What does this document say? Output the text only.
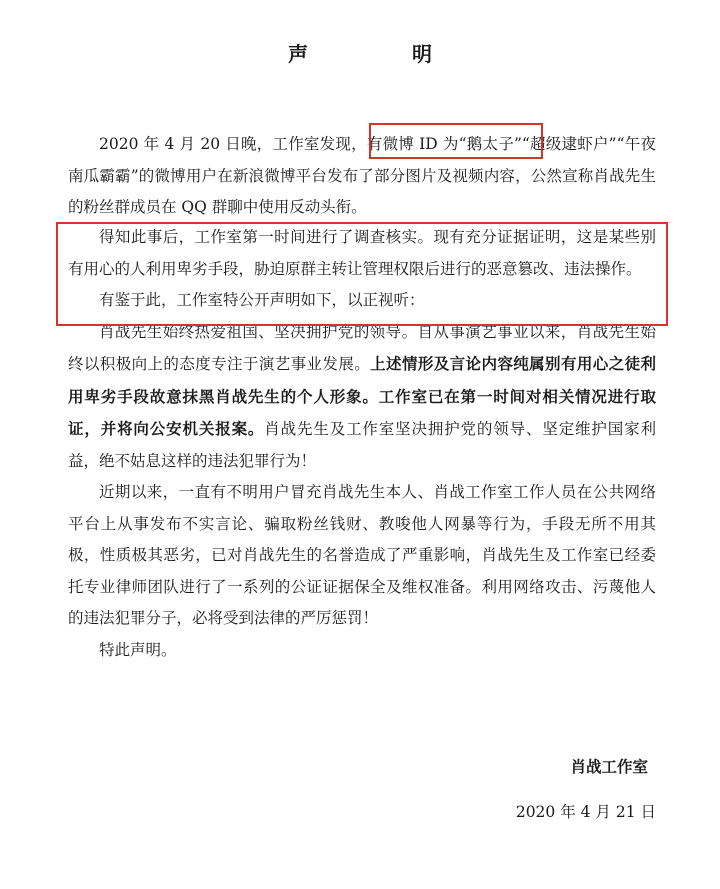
声　明

2020 年 4 月 20 日晚，工作室发现，有微博 ID 为“鹅太子”“超级逮虾户”“午夜南瓜霸霸”的微博用户在新浪微博平台发布了部分图片及视频内容，公然宣称肖战先生的粉丝群成员在 QQ 群聊中使用反动头衔。

得知此事后，工作室第一时间进行了调查核实。现有充分证据证明，这是某些别有用心的人利用卑劣手段，胁迫原群主转让管理权限后进行的恶意篡改、违法操作。

有鉴于此，工作室特公开声明如下，以正视听：

肖战先生始终热爱祖国、坚决拥护党的领导。自从事演艺事业以来，肖战先生始终以积极向上的态度专注于演艺事业发展。上述情形及言论内容纯属别有用心之徒利用卑劣手段故意抹黑肖战先生的个人形象。工作室已在第一时间对相关情况进行取证，并将向公安机关报案。肖战先生及工作室坚决拥护党的领导、坚定维护国家利益，绝不姑息这样的违法犯罪行为！

近期以来，一直有不明用户冒充肖战先生本人、肖战工作室工作人员在公共网络平台上从事发布不实言论、骗取粉丝钱财、教唆他人网暴等行为，手段无所不用其极，性质极其恶劣，已对肖战先生的名誉造成了严重影响，肖战先生及工作室已经委托专业律师团队进行了一系列的公证证据保全及维权准备。利用网络攻击、污蔑他人的违法犯罪分子，必将受到法律的严厉惩罚！

特此声明。

肖战工作室
2020 年 4 月 21 日
